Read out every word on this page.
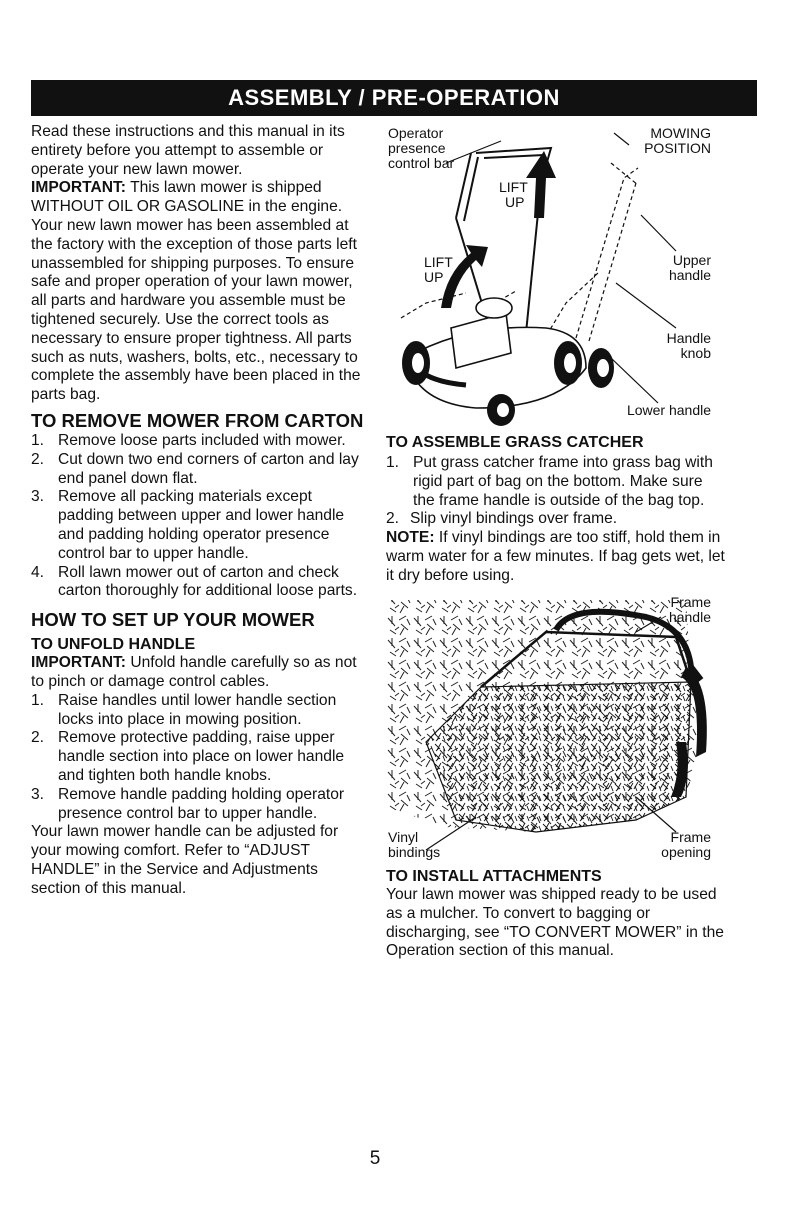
ASSEMBLY / PRE-OPERATION

Read these instructions and this manual in its entirety before you attempt to assemble or operate your new lawn mower.

IMPORTANT: This lawn mower is shipped WITHOUT OIL OR GASOLINE in the engine.

Your new lawn mower has been assembled at the factory with the exception of those parts left unassembled for shipping purposes. To ensure safe and proper operation of your lawn mower, all parts and hardware you assemble must be tightened securely. Use the correct tools as necessary to ensure proper tightness. All parts such as nuts, washers, bolts, etc., necessary to complete the assembly have been placed in the parts bag.

TO REMOVE MOWER FROM CARTON
1. Remove loose parts included with mower.
2. Cut down two end corners of carton and lay end panel down flat.
3. Remove all packing materials except padding between upper and lower handle and padding holding operator presence control bar to upper handle.
4. Roll lawn mower out of carton and check carton thoroughly for additional loose parts.
HOW TO SET UP YOUR MOWER
TO UNFOLD HANDLE

IMPORTANT: Unfold handle carefully so as not to pinch or damage control cables.

1. Raise handles until lower handle section locks into place in mowing position.
2. Remove protective padding, raise upper handle section into place on lower handle and tighten both handle knobs.
3. Remove handle padding holding operator presence control bar to upper handle.

Your lawn mower handle can be adjusted for your mowing comfort. Refer to “ADJUST HANDLE” in the Service and Adjustments section of this manual.

Operator
presence
control bar
MOWING
POSITION
Upper
handle
Handle
knob
Lower handle
LIFT
UP
LIFT
UP
TO ASSEMBLE GRASS CATCHER
1. Put grass catcher frame into grass bag with rigid part of bag on the bottom. Make sure the frame handle is outside of the bag top.
2. Slip vinyl bindings over frame.

NOTE: If vinyl bindings are too stiff, hold them in warm water for a few minutes. If bag gets wet, let it dry before using.

Frame
handle
Vinyl
bindings
Frame
opening
TO INSTALL ATTACHMENTS

Your lawn mower was shipped ready to be used as a mulcher. To convert to bagging or discharging, see “TO CONVERT MOWER” in the Operation section of this manual.

5
